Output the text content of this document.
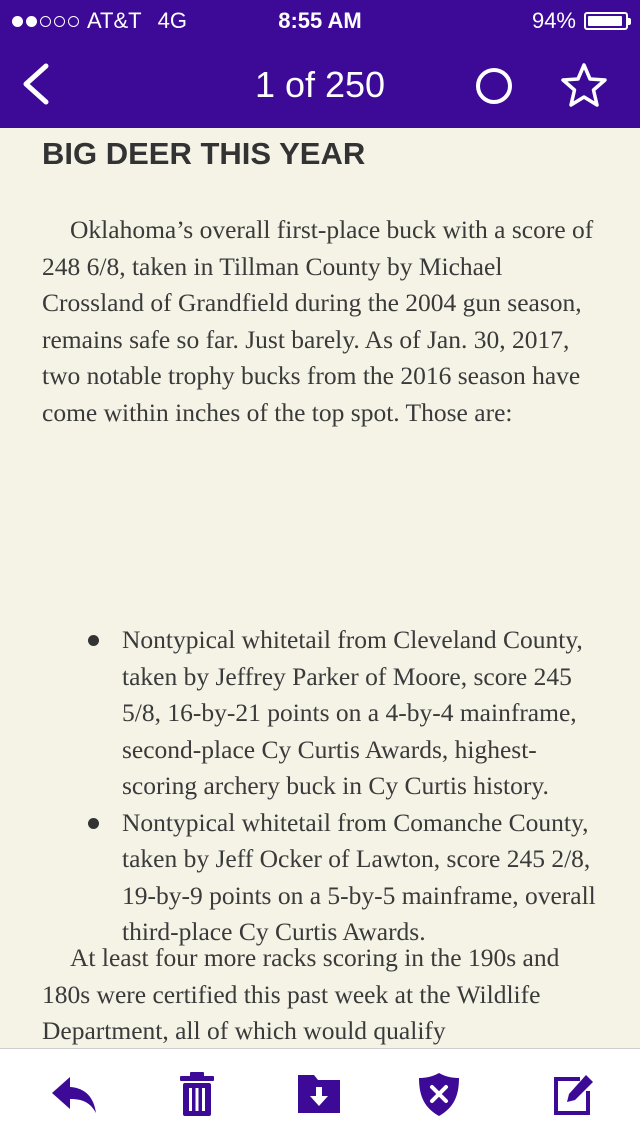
AT&T 4G	8:55 AM	94%
1 of 250
BIG DEER THIS YEAR

Oklahoma’s overall first-place buck with a score of 248 6/8, taken in Tillman County by Michael Crossland of Grandfield during the 2004 gun season, remains safe so far. Just barely. As of Jan. 30, 2017, two notable trophy bucks from the 2016 season have come within inches of the top spot. Those are:

Nontypical whitetail from Cleveland County, taken by Jeffrey Parker of Moore, score 245 5/8, 16-by-21 points on a 4-by-4 mainframe, second-place Cy Curtis Awards, highest-scoring archery buck in Cy Curtis history.
Nontypical whitetail from Comanche County, taken by Jeff Ocker of Lawton, score 245 2/8, 19-by-9 points on a 5-by-5 mainframe, overall third-place Cy Curtis Awards.

At least four more racks scoring in the 190s and 180s were certified this past week at the Wildlife Department, all of which would qualify
